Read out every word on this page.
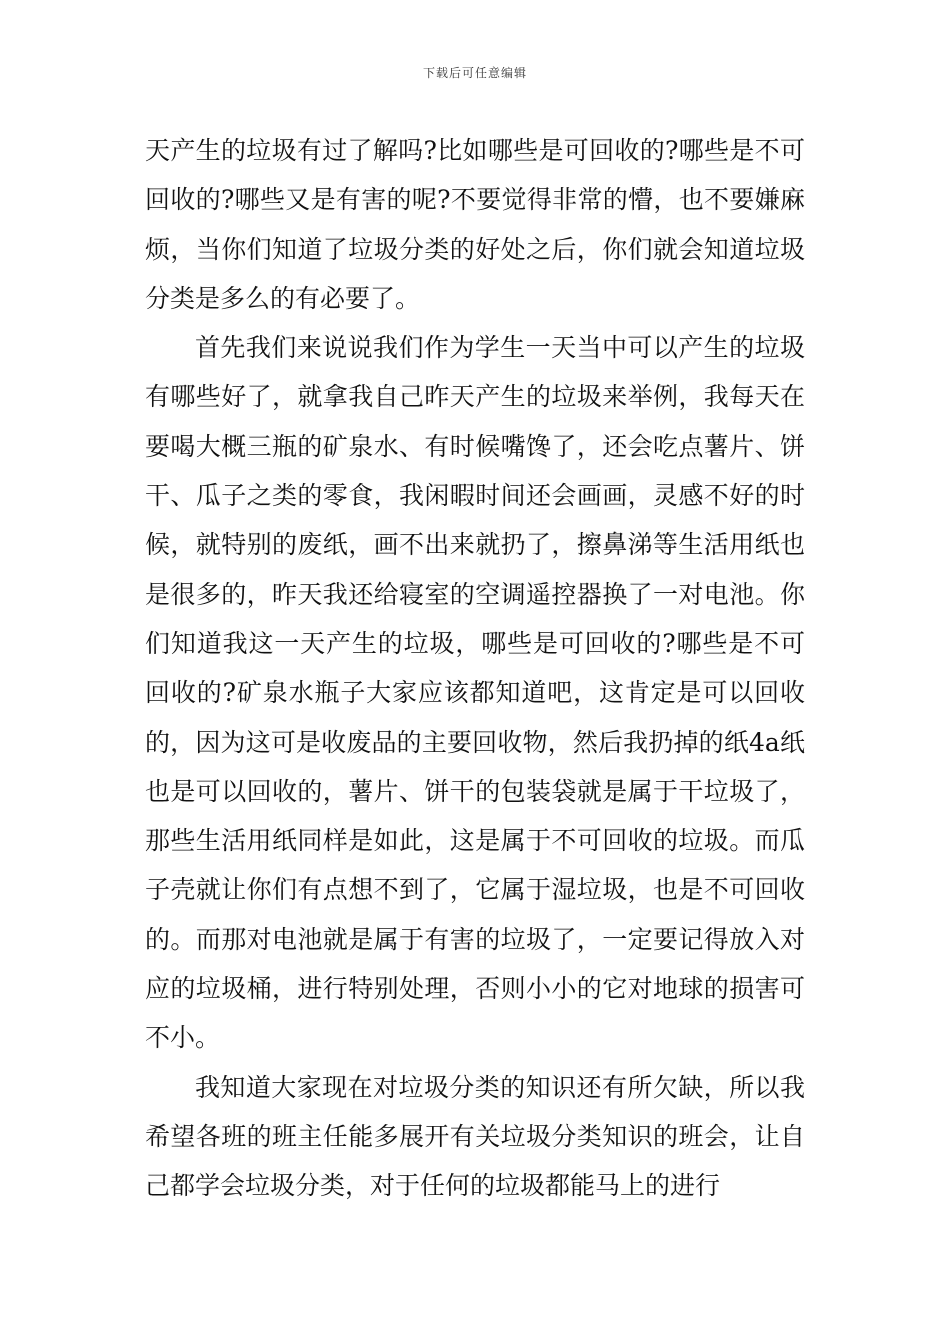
下载后可任意编辑

天产生的垃圾有过了解吗?比如哪些是可回收的?哪些是不可回收的?哪些又是有害的呢?不要觉得非常的懵，也不要嫌麻烦，当你们知道了垃圾分类的好处之后，你们就会知道垃圾分类是多么的有必要了。

首先我们来说说我们作为学生一天当中可以产生的垃圾有哪些好了，就拿我自己昨天产生的垃圾来举例，我每天在要喝大概三瓶的矿泉水、有时候嘴馋了，还会吃点薯片、饼干、瓜子之类的零食，我闲暇时间还会画画，灵感不好的时候，就特别的废纸，画不出来就扔了，擦鼻涕等生活用纸也是很多的，昨天我还给寝室的空调遥控器换了一对电池。你们知道我这一天产生的垃圾，哪些是可回收的?哪些是不可回收的?矿泉水瓶子大家应该都知道吧，这肯定是可以回收的，因为这可是收废品的主要回收物，然后我扔掉的纸4a纸也是可以回收的，薯片、饼干的包装袋就是属于干垃圾了，那些生活用纸同样是如此，这是属于不可回收的垃圾。而瓜子壳就让你们有点想不到了，它属于湿垃圾，也是不可回收的。而那对电池就是属于有害的垃圾了，一定要记得放入对应的垃圾桶，进行特别处理，否则小小的它对地球的损害可不小。

我知道大家现在对垃圾分类的知识还有所欠缺，所以我希望各班的班主任能多展开有关垃圾分类知识的班会，让自己都学会垃圾分类，对于任何的垃圾都能马上的进行
